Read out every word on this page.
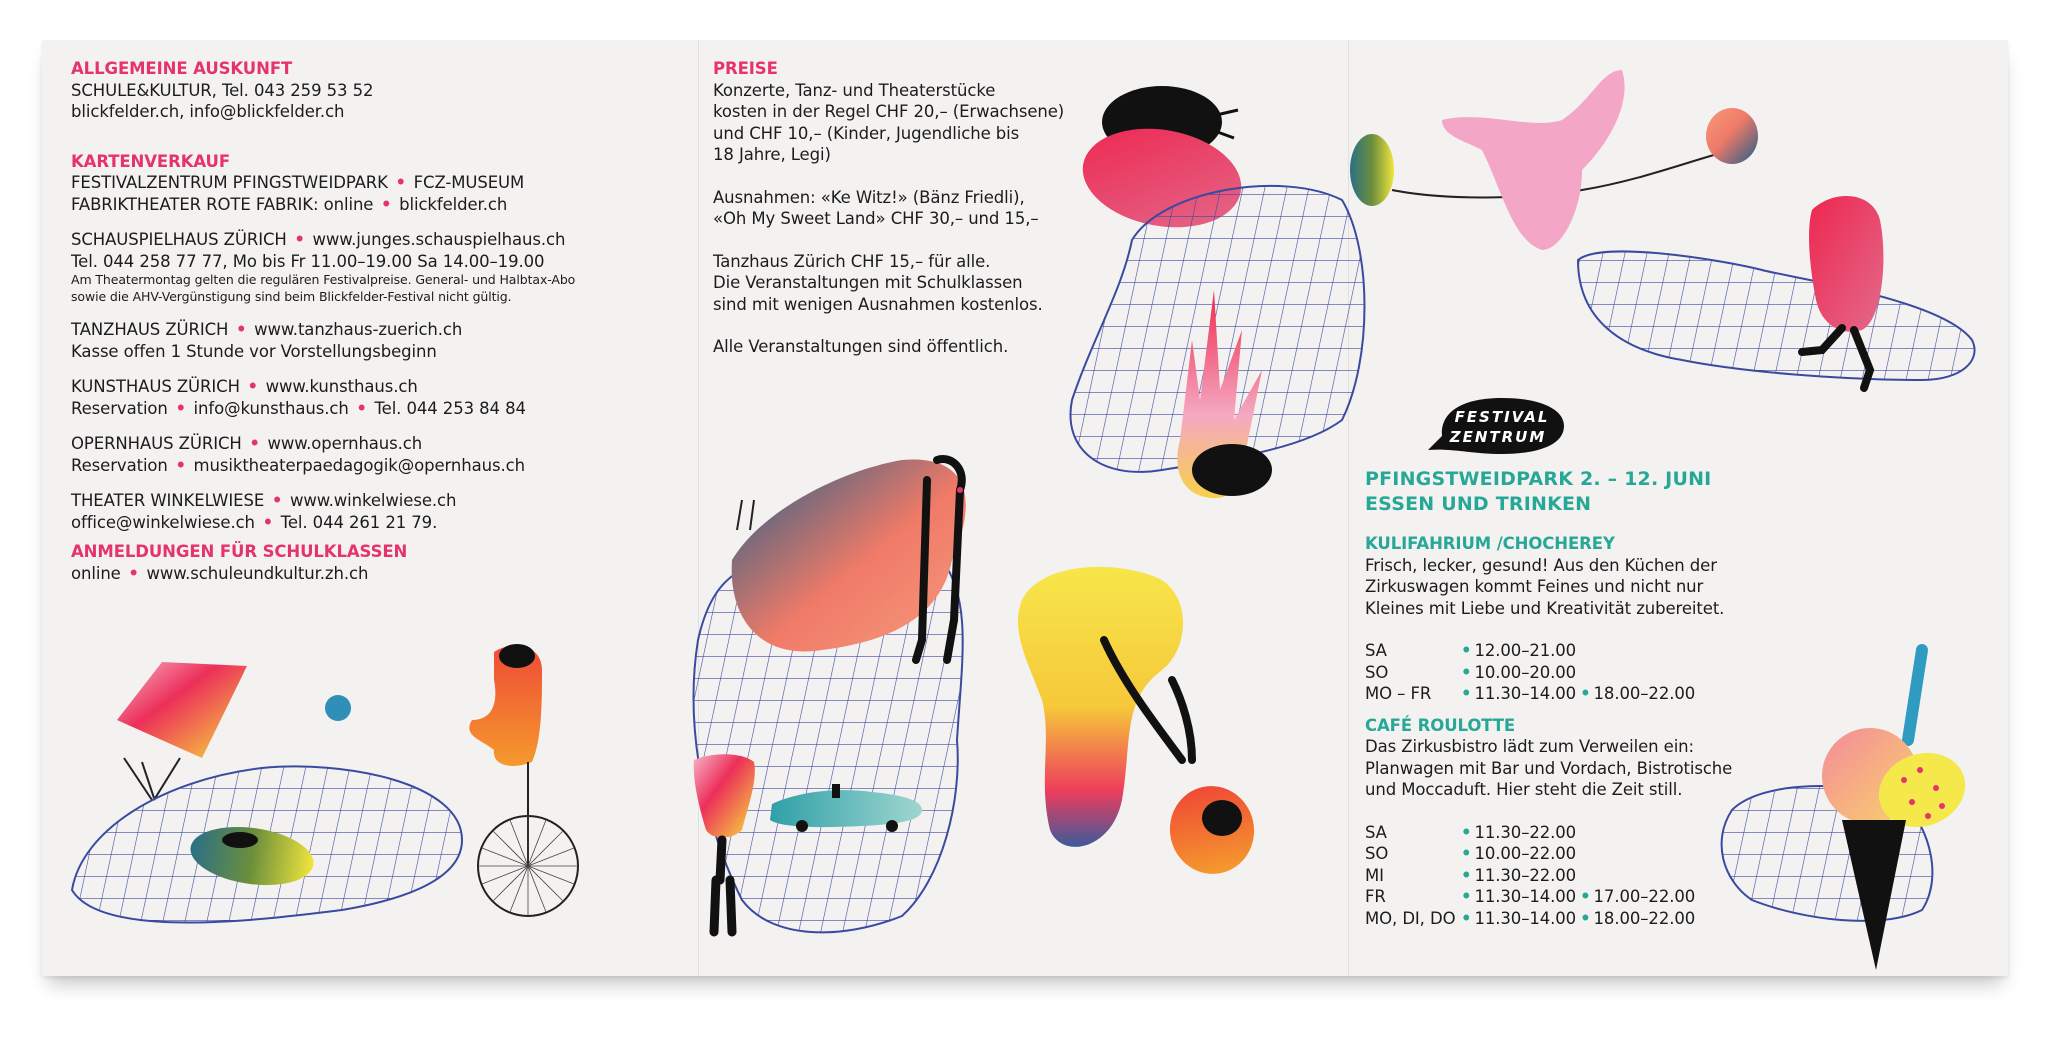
ALLGEMEINE AUSKUNFT
SCHULE&KULTUR, Tel. 043 259 53 52
blickfelder.ch, info@blickfelder.ch
KARTENVERKAUF
FESTIVALZENTRUM PFINGSTWEIDPARK • FCZ-MUSEUM
FABRIKTHEATER ROTE FABRIK: online • blickfelder.ch
SCHAUSPIELHAUS ZÜRICH • www.junges.schauspielhaus.ch
Tel. 044 258 77 77, Mo bis Fr 11.00–19.00 Sa 14.00–19.00
Am Theatermontag gelten die regulären Festivalpreise. General- und Halbtax-Abo
sowie die AHV-Vergünstigung sind beim Blickfelder-Festival nicht gültig.
TANZHAUS ZÜRICH • www.tanzhaus-zuerich.ch
Kasse offen 1 Stunde vor Vorstellungsbeginn
KUNSTHAUS ZÜRICH • www.kunsthaus.ch
Reservation • info@kunsthaus.ch • Tel. 044 253 84 84
OPERNHAUS ZÜRICH • www.opernhaus.ch
Reservation • musiktheaterpaedagogik@opernhaus.ch
THEATER WINKELWIESE • www.winkelwiese.ch
office@winkelwiese.ch • Tel. 044 261 21 79.
ANMELDUNGEN FÜR SCHULKLASSEN
online • www.schuleundkultur.zh.ch
PREISE
Konzerte, Tanz- und Theaterstücke
kosten in der Regel CHF 20,– (Erwachsene)
und CHF 10,– (Kinder, Jugendliche bis
18 Jahre, Legi)
Ausnahmen: «Ke Witz!» (Bänz Friedli),
«Oh My Sweet Land» CHF 30,– und 15,–
Tanzhaus Zürich CHF 15,– für alle.
Die Veranstaltungen mit Schulklassen
sind mit wenigen Ausnahmen kostenlos.
Alle Veranstaltungen sind öffentlich.
FESTIVAL
ZENTRUM
PFINGSTWEIDPARK 2. – 12. JUNI
ESSEN UND TRINKEN
KULIFAHRIUM /CHOCHEREY
Frisch, lecker, gesund! Aus den Küchen der
Zirkuswagen kommt Feines und nicht nur
Kleines mit Liebe und Kreativität zubereitet.
SA	• 12.00–21.00
SO	• 10.00–20.00
MO – FR	• 11.30–14.00 • 18.00–22.00
CAFÉ ROULOTTE
Das Zirkusbistro lädt zum Verweilen ein:
Planwagen mit Bar und Vordach, Bistrotische
und Moccaduft. Hier steht die Zeit still.
SA	• 11.30–22.00
SO	• 10.00–22.00
MI	• 11.30–22.00
FR	• 11.30–14.00 • 17.00–22.00
MO, DI, DO • 11.30–14.00 • 18.00–22.00
